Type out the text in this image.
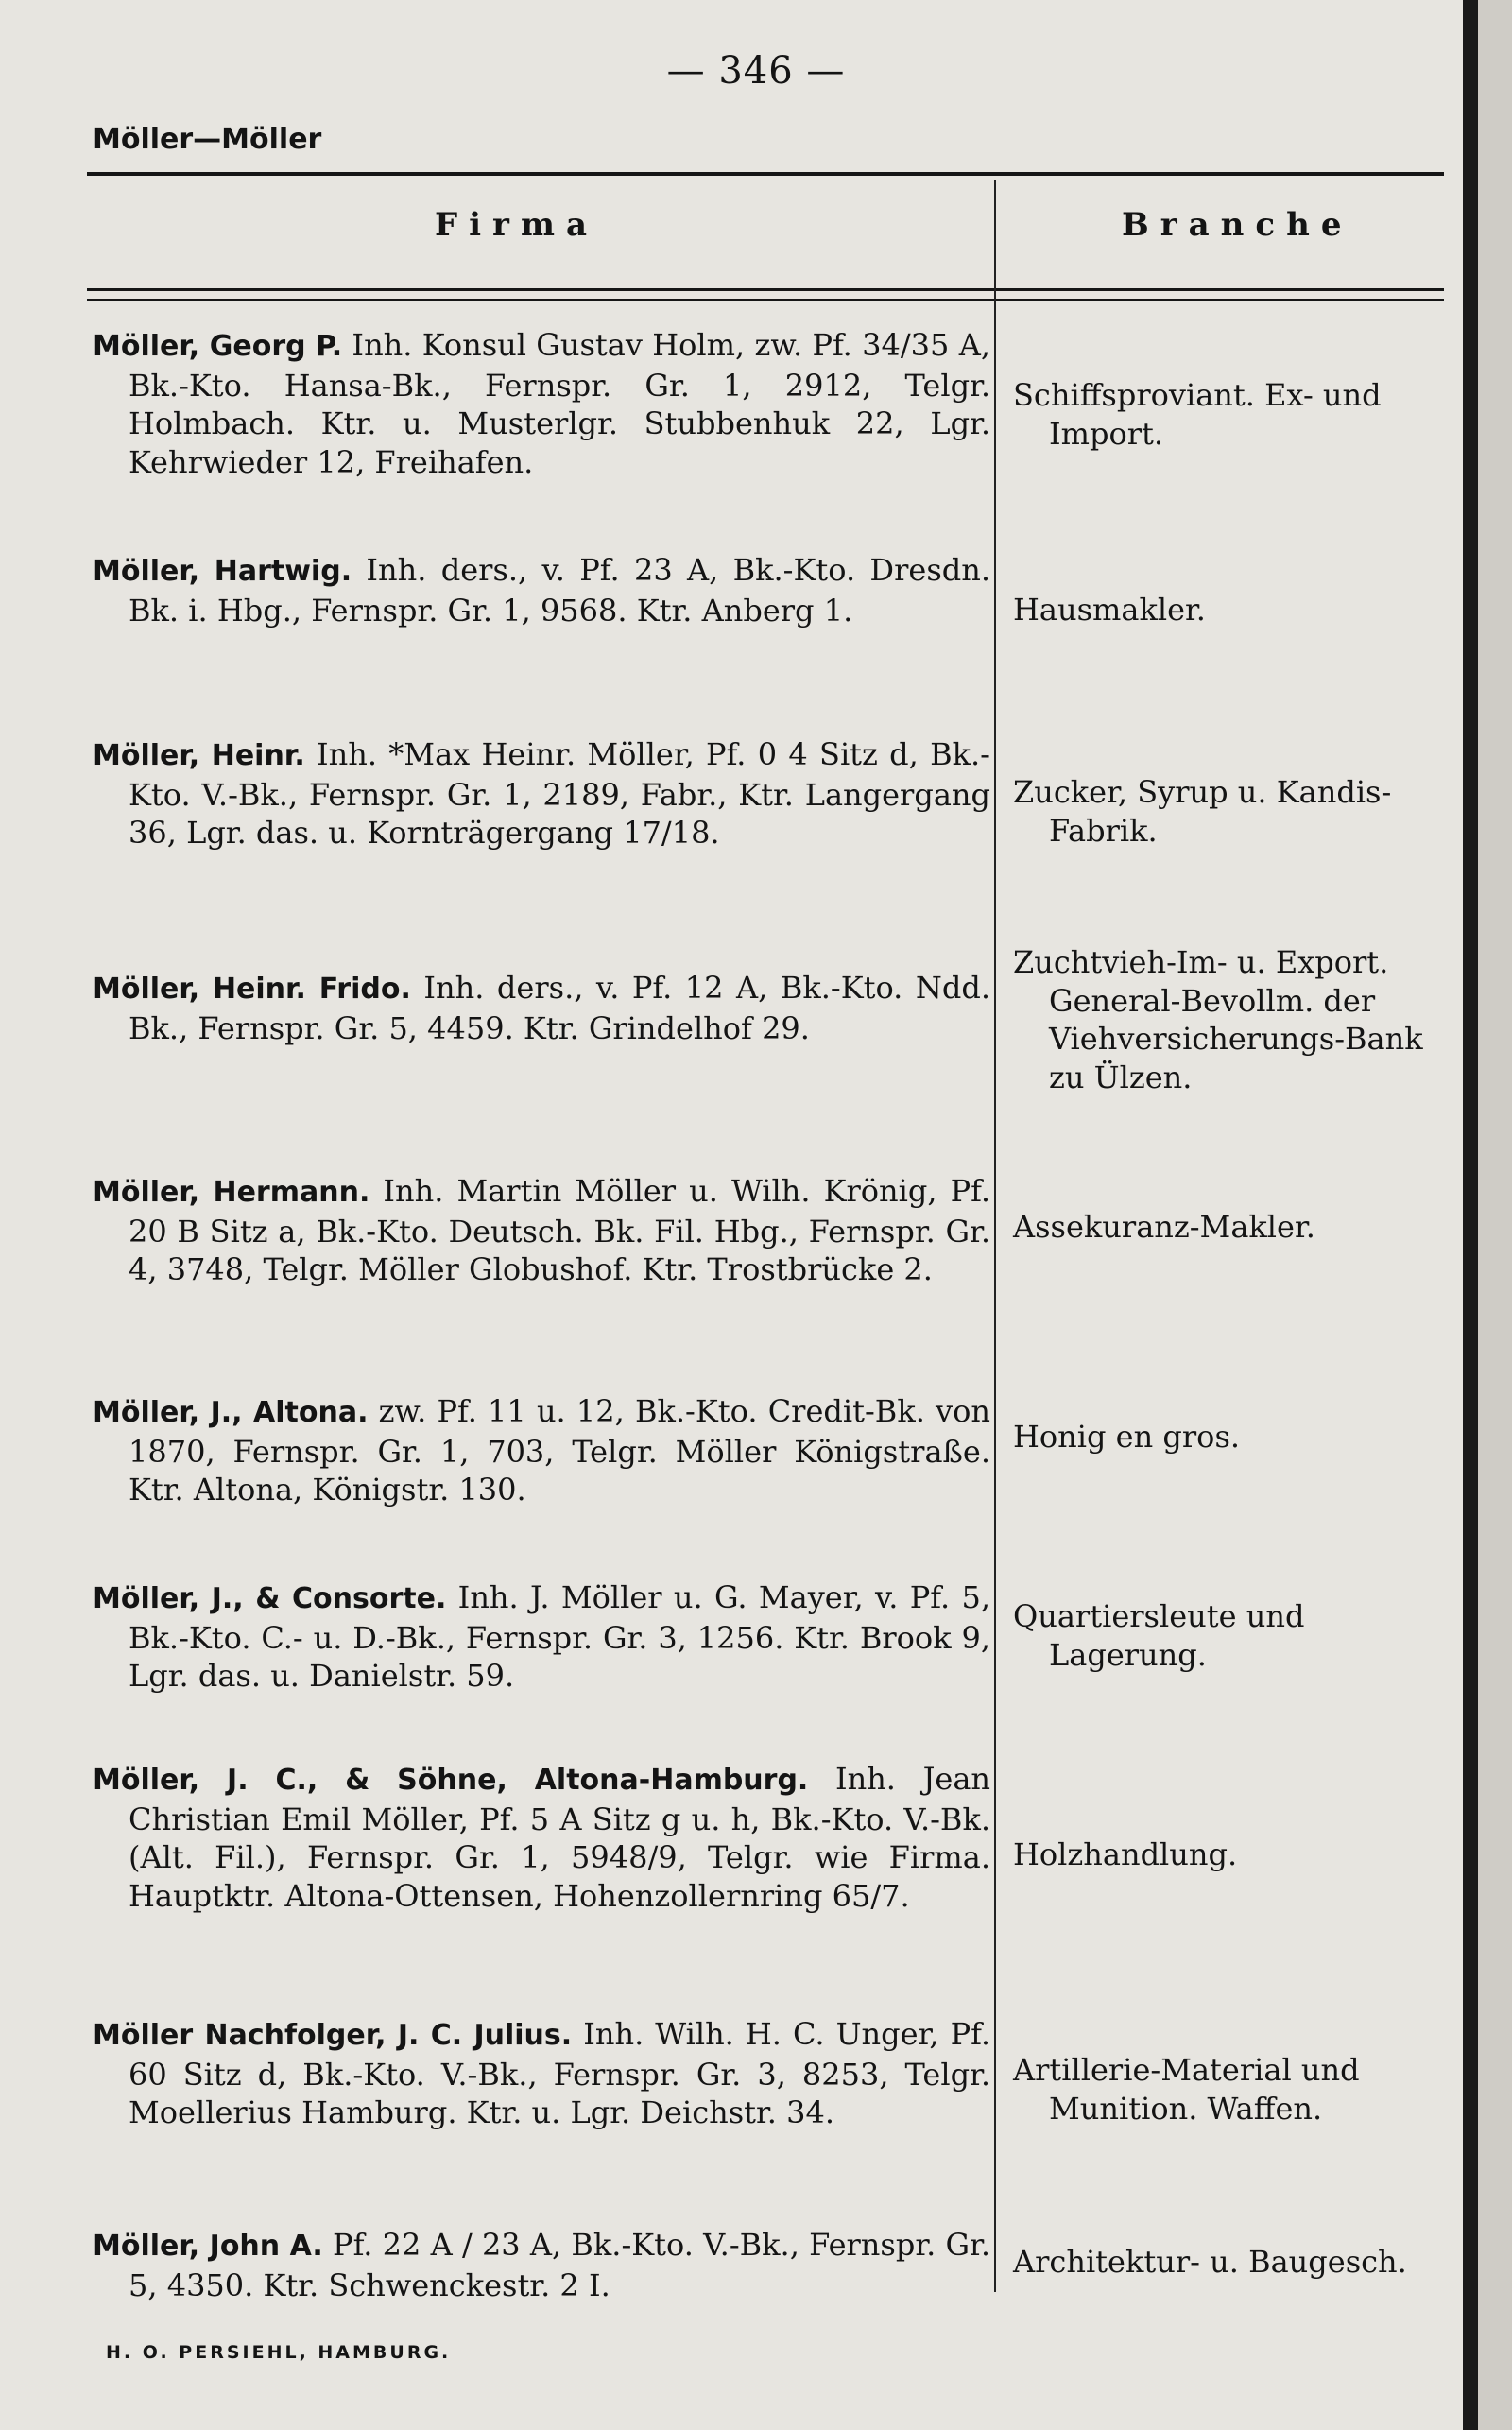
— 346 —
Möller—Möller
Firma	Branche

Möller, Georg P. Inh. Konsul Gustav Holm, zw. Pf. 34/35 A, Bk.-Kto. Hansa-Bk., Fernspr. Gr. 1, 2912, Telgr. Holmbach. Ktr. u. Musterlgr. Stubbenhuk 22, Lgr. Kehrwieder 12, Freihafen.

Schiffsproviant. Ex- und Import.

Möller, Hartwig. Inh. ders., v. Pf. 23 A, Bk.-Kto. Dresdn. Bk. i. Hbg., Fernspr. Gr. 1, 9568. Ktr. Anberg 1.	Hausmakler.

Möller, Heinr. Inh. *Max Heinr. Möller, Pf. 0 4 Sitz d, Bk.-Kto. V.-Bk., Fernspr. Gr. 1, 2189, Fabr., Ktr. Langergang 36, Lgr. das. u. Kornträgergang 17/18.

Zucker, Syrup u. Kandis-Fabrik.

Möller, Heinr. Frido. Inh. ders., v. Pf. 12 A, Bk.-Kto. Ndd. Bk., Fernspr. Gr. 5, 4459. Ktr. Grindelhof 29.

Zuchtvieh-Im- u. Export. General-Bevollm. der Viehversicherungs-Bank zu Ülzen.

Möller, Hermann. Inh. Martin Möller u. Wilh. Krönig, Pf. 20 B Sitz a, Bk.-Kto. Deutsch. Bk. Fil. Hbg., Fernspr. Gr. 4, 3748, Telgr. Möller Globushof. Ktr. Trostbrücke 2.

Assekuranz-Makler.

Möller, J., Altona. zw. Pf. 11 u. 12, Bk.-Kto. Credit-Bk. von 1870, Fernspr. Gr. 1, 703, Telgr. Möller Königstraße. Ktr. Altona, Königstr. 130.

Honig en gros.

Möller, J., & Consorte. Inh. J. Möller u. G. Mayer, v. Pf. 5, Bk.-Kto. C.- u. D.-Bk., Fernspr. Gr. 3, 1256. Ktr. Brook 9, Lgr. das. u. Danielstr. 59.

Quartiersleute und Lagerung.

Möller, J. C., & Söhne, Altona-Hamburg. Inh. Jean Christian Emil Möller, Pf. 5 A Sitz g u. h, Bk.-Kto. V.-Bk. (Alt. Fil.), Fernspr. Gr. 1, 5948/9, Telgr. wie Firma. Hauptktr. Altona-Ottensen, Hohenzollernring 65/7.

Holzhandlung.

Möller Nachfolger, J. C. Julius. Inh. Wilh. H. C. Unger, Pf. 60 Sitz d, Bk.-Kto. V.-Bk., Fernspr. Gr. 3, 8253, Telgr. Moellerius Hamburg. Ktr. u. Lgr. Deichstr. 34.

Artillerie-Material und Munition. Waffen.

Möller, John A. Pf. 22 A / 23 A, Bk.-Kto. V.-Bk., Fernspr. Gr. 5, 4350. Ktr. Schwenckestr. 2 I.

Architektur- u. Baugesch.
H. O. PERSIEHL, HAMBURG.
